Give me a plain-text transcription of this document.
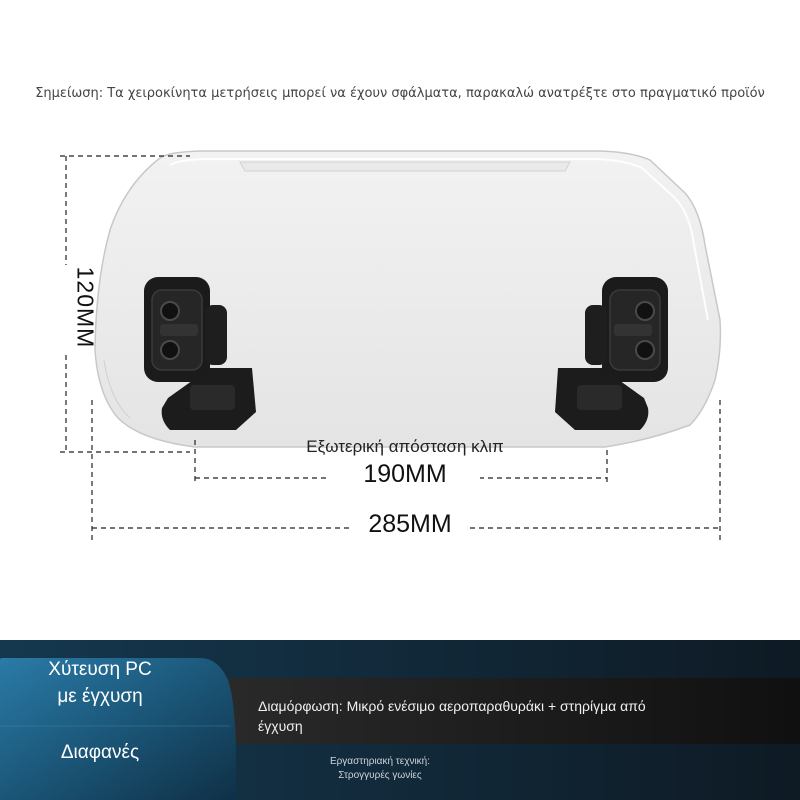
Σημείωση: Τα χειροκίνητα μετρήσεις μπορεί να έχουν σφάλματα, παρακαλώ ανατρέξτε στο πραγματικό προϊόν
120MM
Εξωτερική απόσταση κλιπ
190MM
285MM
Χύτευση PC
με έγχυση
Διαφανές
Διαμόρφωση: Μικρό ενέσιμο αεροπαραθυράκι + στηρίγμα από έγχυση
Εργαστηριακή τεχνική:
Στρογγυρές γωνίες
